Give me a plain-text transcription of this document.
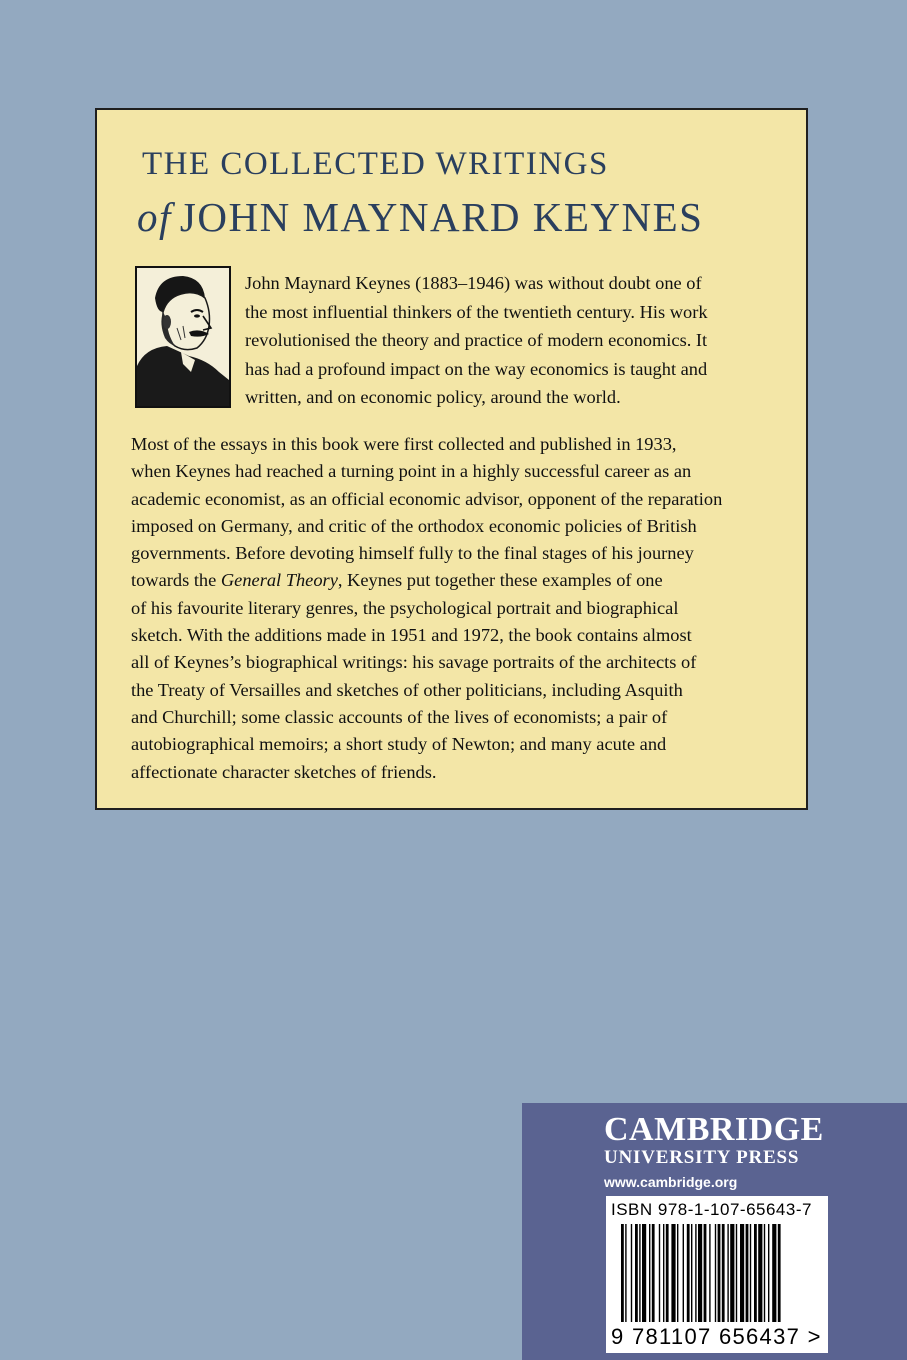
THE COLLECTED WRITINGS
of JOHN MAYNARD KEYNES
John Maynard Keynes (1883–1946) was without doubt one of
the most influential thinkers of the twentieth century. His work
revolutionised the theory and practice of modern economics. It
has had a profound impact on the way economics is taught and
written, and on economic policy, around the world.
Most of the essays in this book were first collected and published in 1933,
when Keynes had reached a turning point in a highly successful career as an
academic economist, as an official economic advisor, opponent of the reparation
imposed on Germany, and critic of the orthodox economic policies of British
governments. Before devoting himself fully to the final stages of his journey
towards the General Theory, Keynes put together these examples of one
of his favourite literary genres, the psychological portrait and biographical
sketch. With the additions made in 1951 and 1972, the book contains almost
all of Keynes’s biographical writings: his savage portraits of the architects of
the Treaty of Versailles and sketches of other politicians, including Asquith
and Churchill; some classic accounts of the lives of economists; a pair of
autobiographical memoirs; a short study of Newton; and many acute and
affectionate character sketches of friends.
CAMBRIDGE
UNIVERSITY PRESS
www.cambridge.org
ISBN 978-1-107-65643-7
9 781107 656437 >
